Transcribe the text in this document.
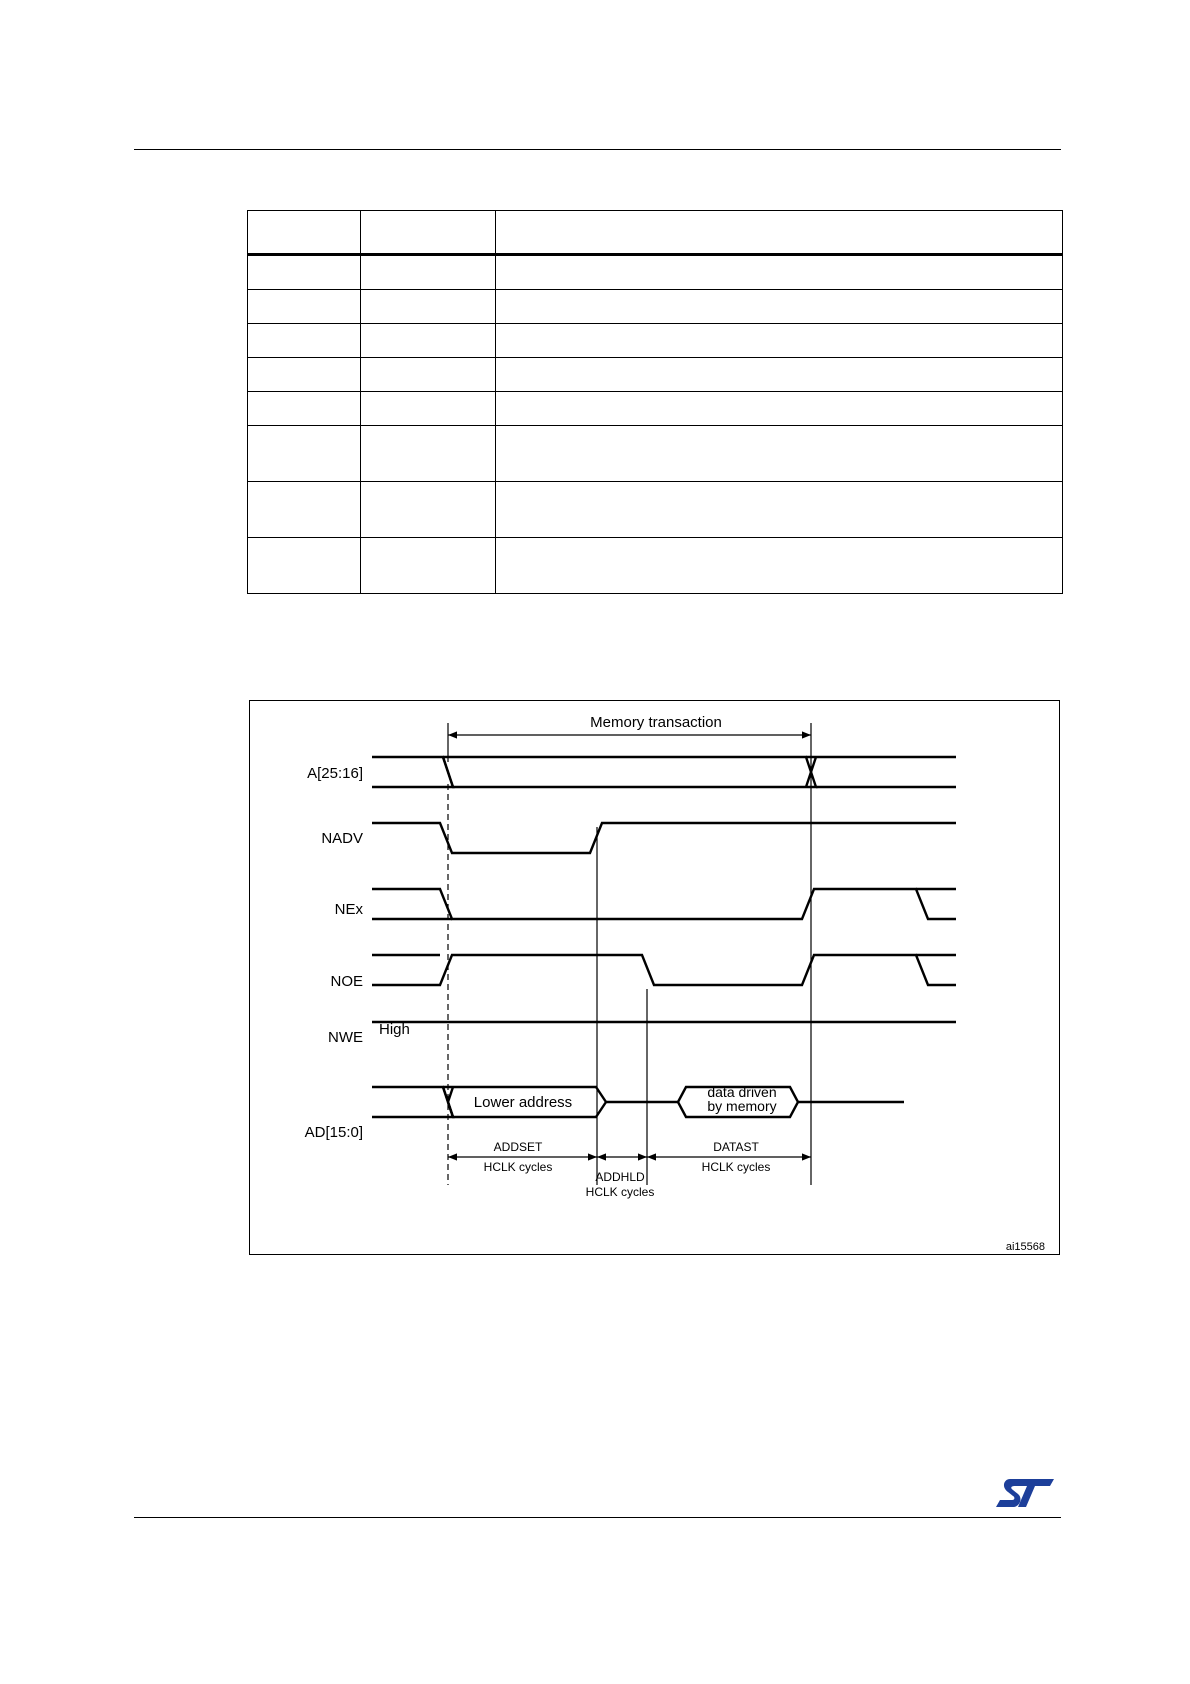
Memory transaction
A[25:16]
NADV
NEx
NOE
NWE
AD[15:0]
High
Lower address
data driven
by memory
ADDSET
HCLK cycles
ADDHLD
HCLK cycles
DATAST
HCLK cycles
ai15568
